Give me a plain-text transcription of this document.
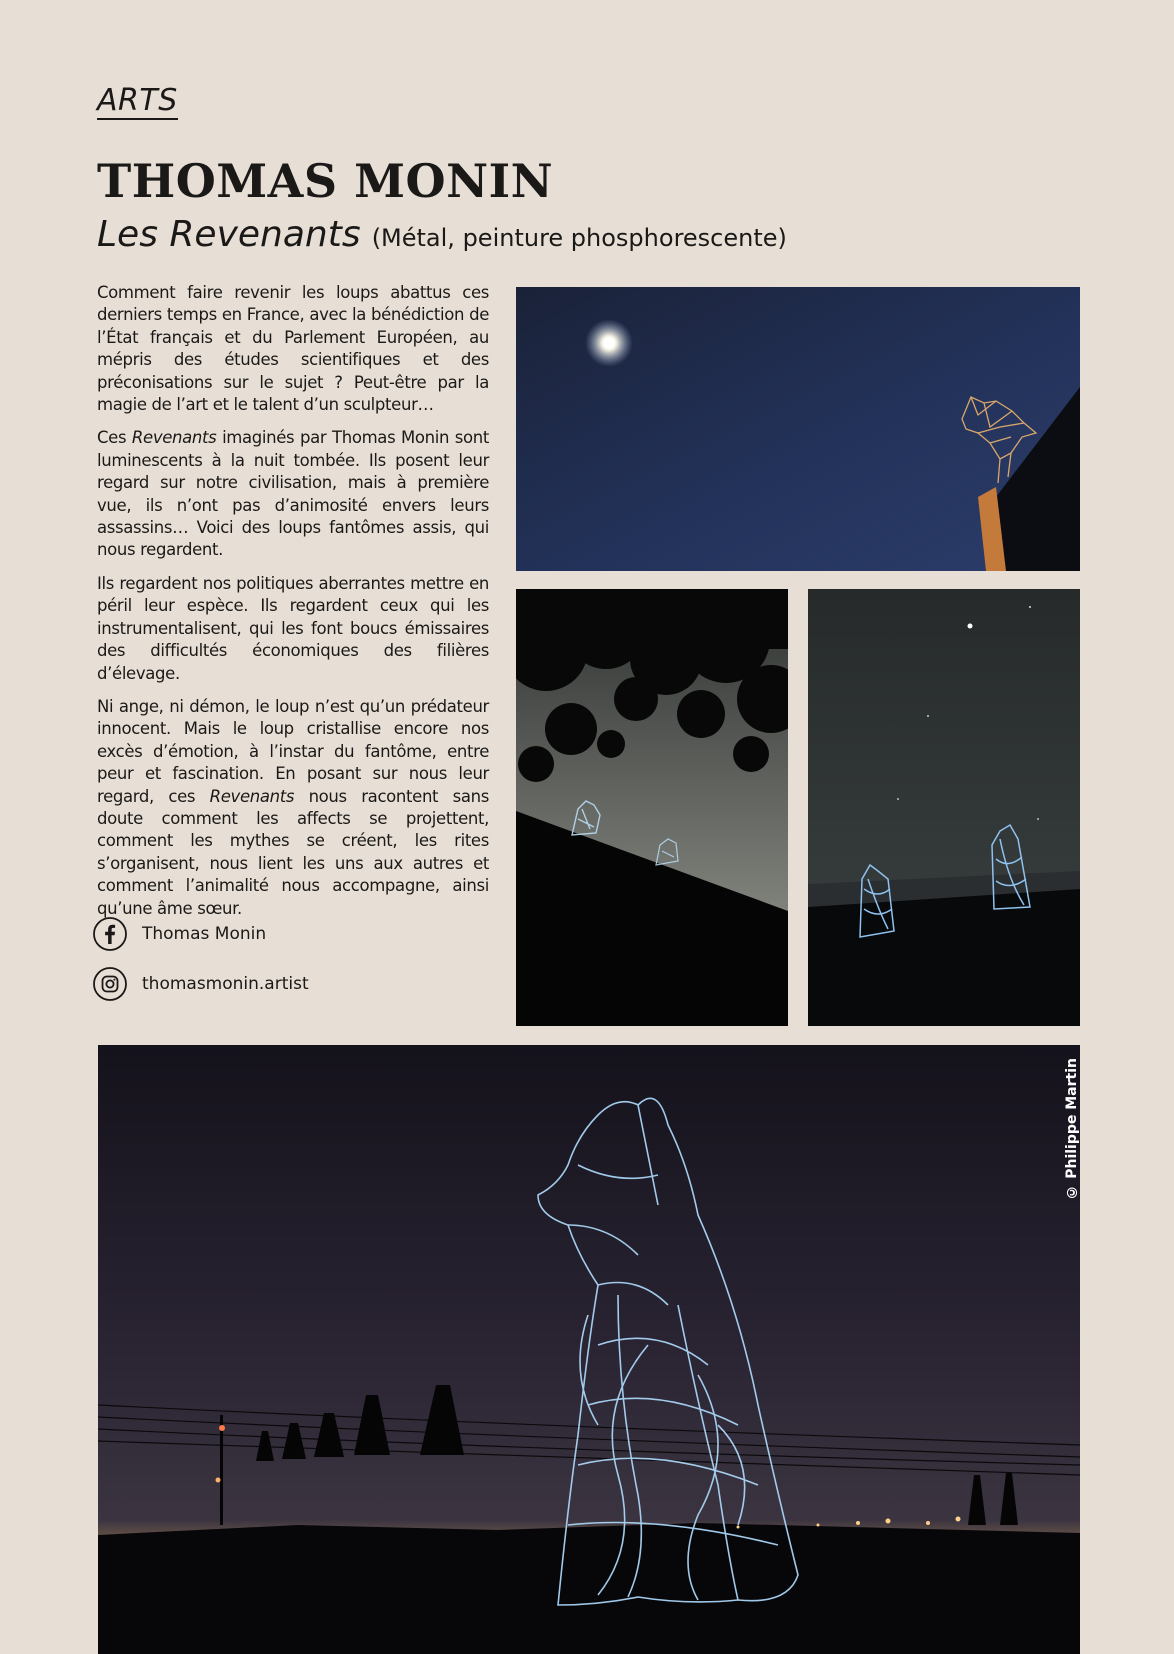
ARTS
THOMAS MONIN
Les Revenants (Métal, peinture phosphorescente)

Comment faire revenir les loups abattus ces derniers temps en France, avec la bénédiction de l’État français et du Parlement Européen, au mépris des études scientifiques et des préconisations sur le sujet ? Peut-être par la magie de l’art et le talent d’un sculpteur…

Ces Revenants imaginés par Thomas Monin sont luminescents à la nuit tombée. Ils posent leur regard sur notre civilisation, mais à première vue, ils n’ont pas d’animosité envers leurs assassins… Voici des loups fantômes assis, qui nous regardent.

Ils regardent nos politiques aberrantes mettre en péril leur espèce. Ils regardent ceux qui les instrumentalisent, qui les font boucs émissaires des difficultés économiques des filières d’élevage.

Ni ange, ni démon, le loup n’est qu’un prédateur innocent. Mais le loup cristallise encore nos excès d’émotion, à l’instar du fantôme, entre peur et fascination. En posant sur nous leur regard, ces Revenants nous racontent sans doute comment les affects se projettent, comment les mythes se créent, les rites s’organisent, nous lient les uns aux autres et comment l’animalité nous accompagne, ainsi qu’une âme sœur.

Thomas Monin
thomasmonin.artist
© Philippe Martin
